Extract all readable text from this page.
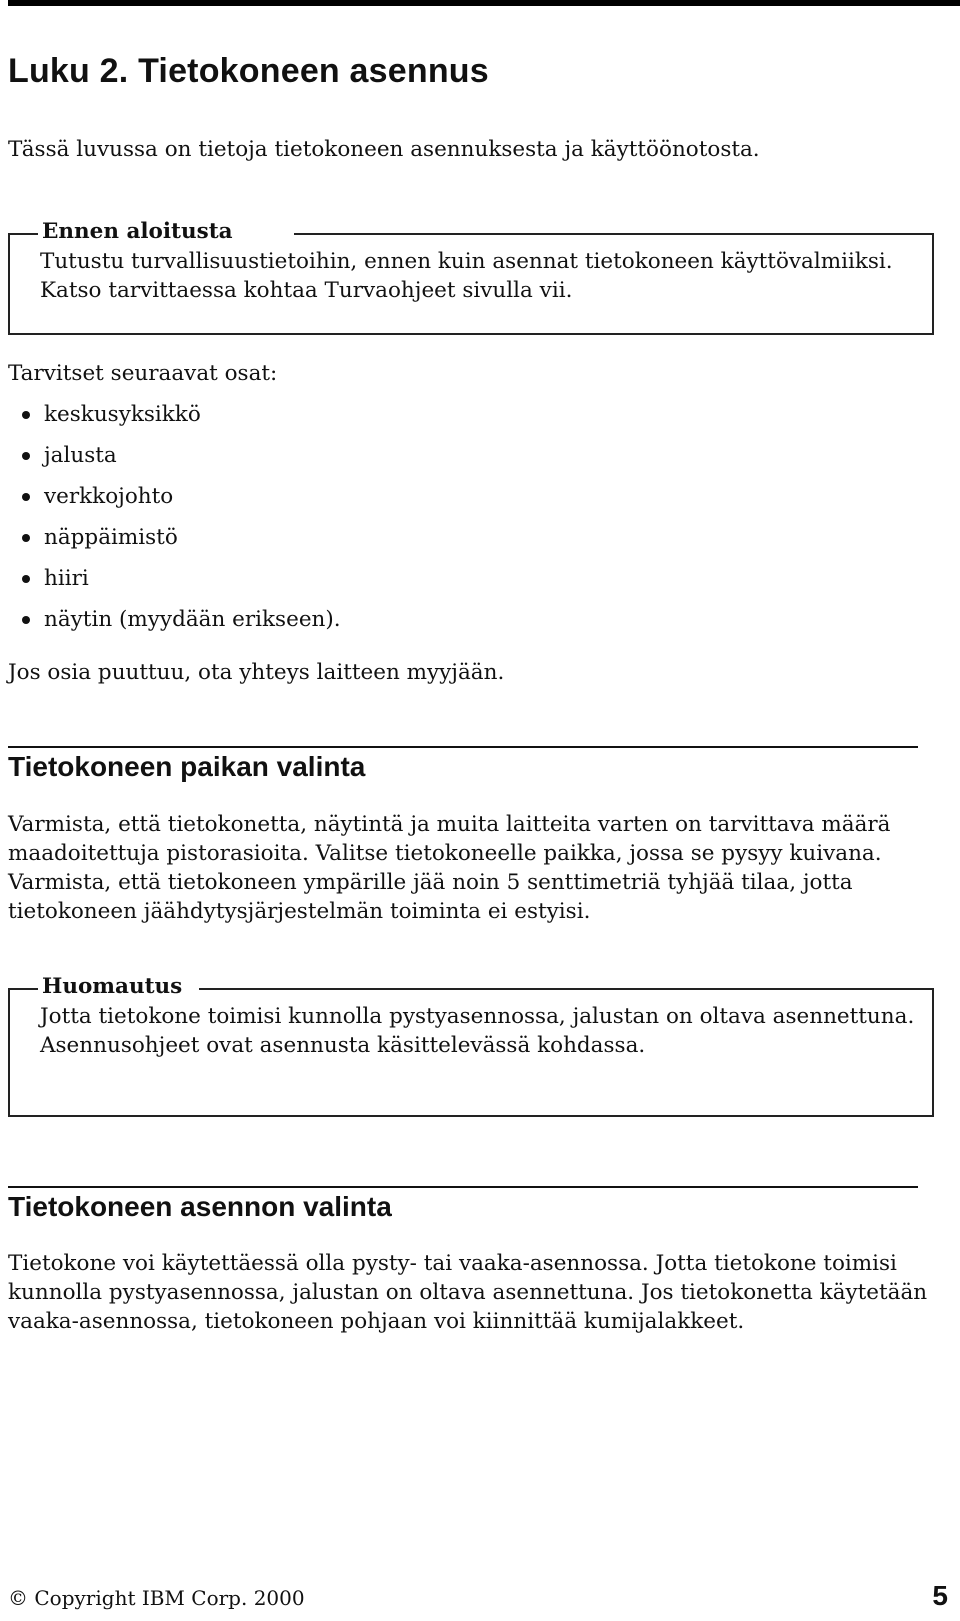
Luku 2. Tietokoneen asennus

Tässä luvussa on tietoja tietokoneen asennuksesta ja käyttöönotosta.

Ennen aloitusta

Tutustu turvallisuustietoihin, ennen kuin asennat tietokoneen käyttövalmiiksi. Katso tarvittaessa kohtaa Turvaohjeet sivulla vii.

Tarvitset seuraavat osat:

keskusyksikkö
jalusta
verkkojohto
näppäimistö
hiiri
näytin (myydään erikseen).

Jos osia puuttuu, ota yhteys laitteen myyjään.

Tietokoneen paikan valinta

Varmista, että tietokonetta, näytintä ja muita laitteita varten on tarvittava määrä maadoitettuja pistorasioita. Valitse tietokoneelle paikka, jossa se pysyy kuivana. Varmista, että tietokoneen ympärille jää noin 5 senttimetriä tyhjää tilaa, jotta tietokoneen jäähdytysjärjestelmän toiminta ei estyisi.

Huomautus

Jotta tietokone toimisi kunnolla pystyasennossa, jalustan on oltava asennettuna. Asennusohjeet ovat asennusta käsittelevässä kohdassa.

Tietokoneen asennon valinta

Tietokone voi käytettäessä olla pysty- tai vaaka-asennossa. Jotta tietokone toimisi kunnolla pystyasennossa, jalustan on oltava asennettuna. Jos tietokonetta käytetään vaaka-asennossa, tietokoneen pohjaan voi kiinnittää kumijalakkeet.

© Copyright IBM Corp. 2000	5
